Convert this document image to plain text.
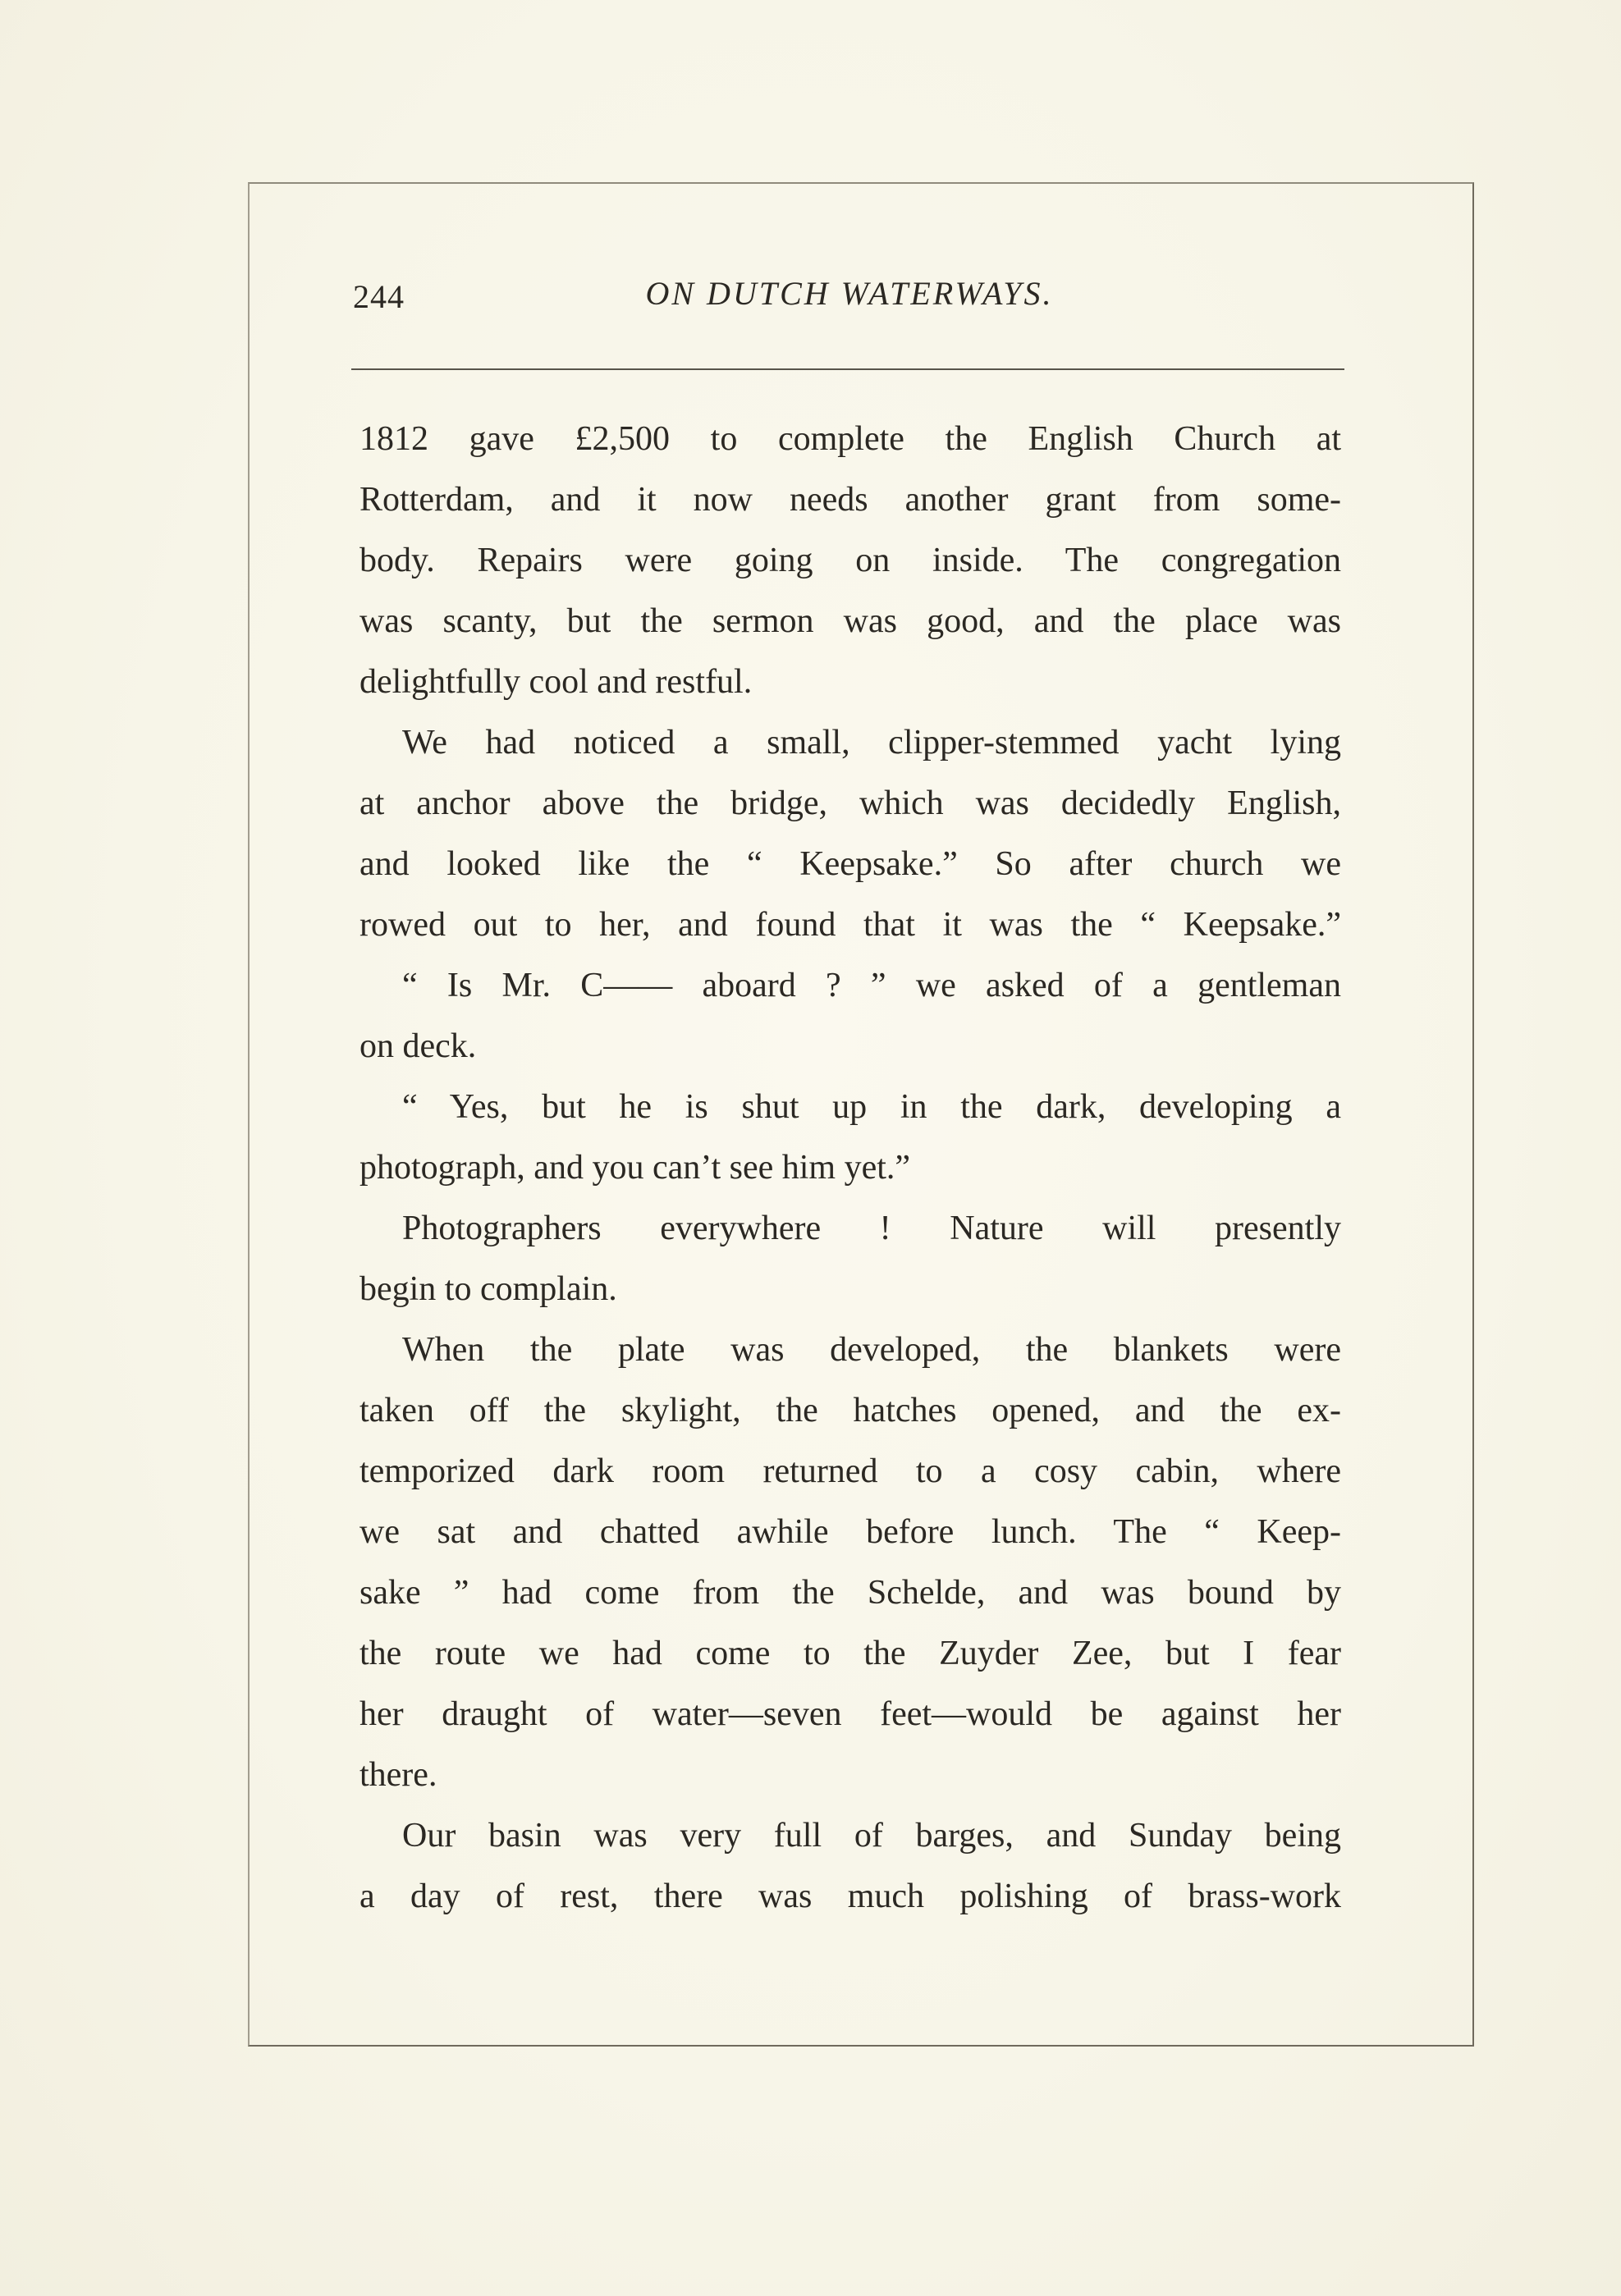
244	ON DUTCH WATERWAYS.
1812 gave £2,500 to complete the English Church at
Rotterdam, and it now needs another grant from some-
body. Repairs were going on inside. The congregation
was scanty, but the sermon was good, and the place was
delightfully cool and restful.
We had noticed a small, clipper-stemmed yacht lying
at anchor above the bridge, which was decidedly English,
and looked like the “ Keepsake.” So after church we
rowed out to her, and found that it was the “ Keepsake.”
“ Is Mr. C—— aboard ? ” we asked of a gentleman
on deck.
“ Yes, but he is shut up in the dark, developing a
photograph, and you can’t see him yet.”
Photographers everywhere ! Nature will presently
begin to complain.
When the plate was developed, the blankets were
taken off the skylight, the hatches opened, and the ex-
temporized dark room returned to a cosy cabin, where
we sat and chatted awhile before lunch. The “ Keep-
sake ” had come from the Schelde, and was bound by
the route we had come to the Zuyder Zee, but I fear
her draught of water—seven feet—would be against her
there.
Our basin was very full of barges, and Sunday being
a day of rest, there was much polishing of brass-work
